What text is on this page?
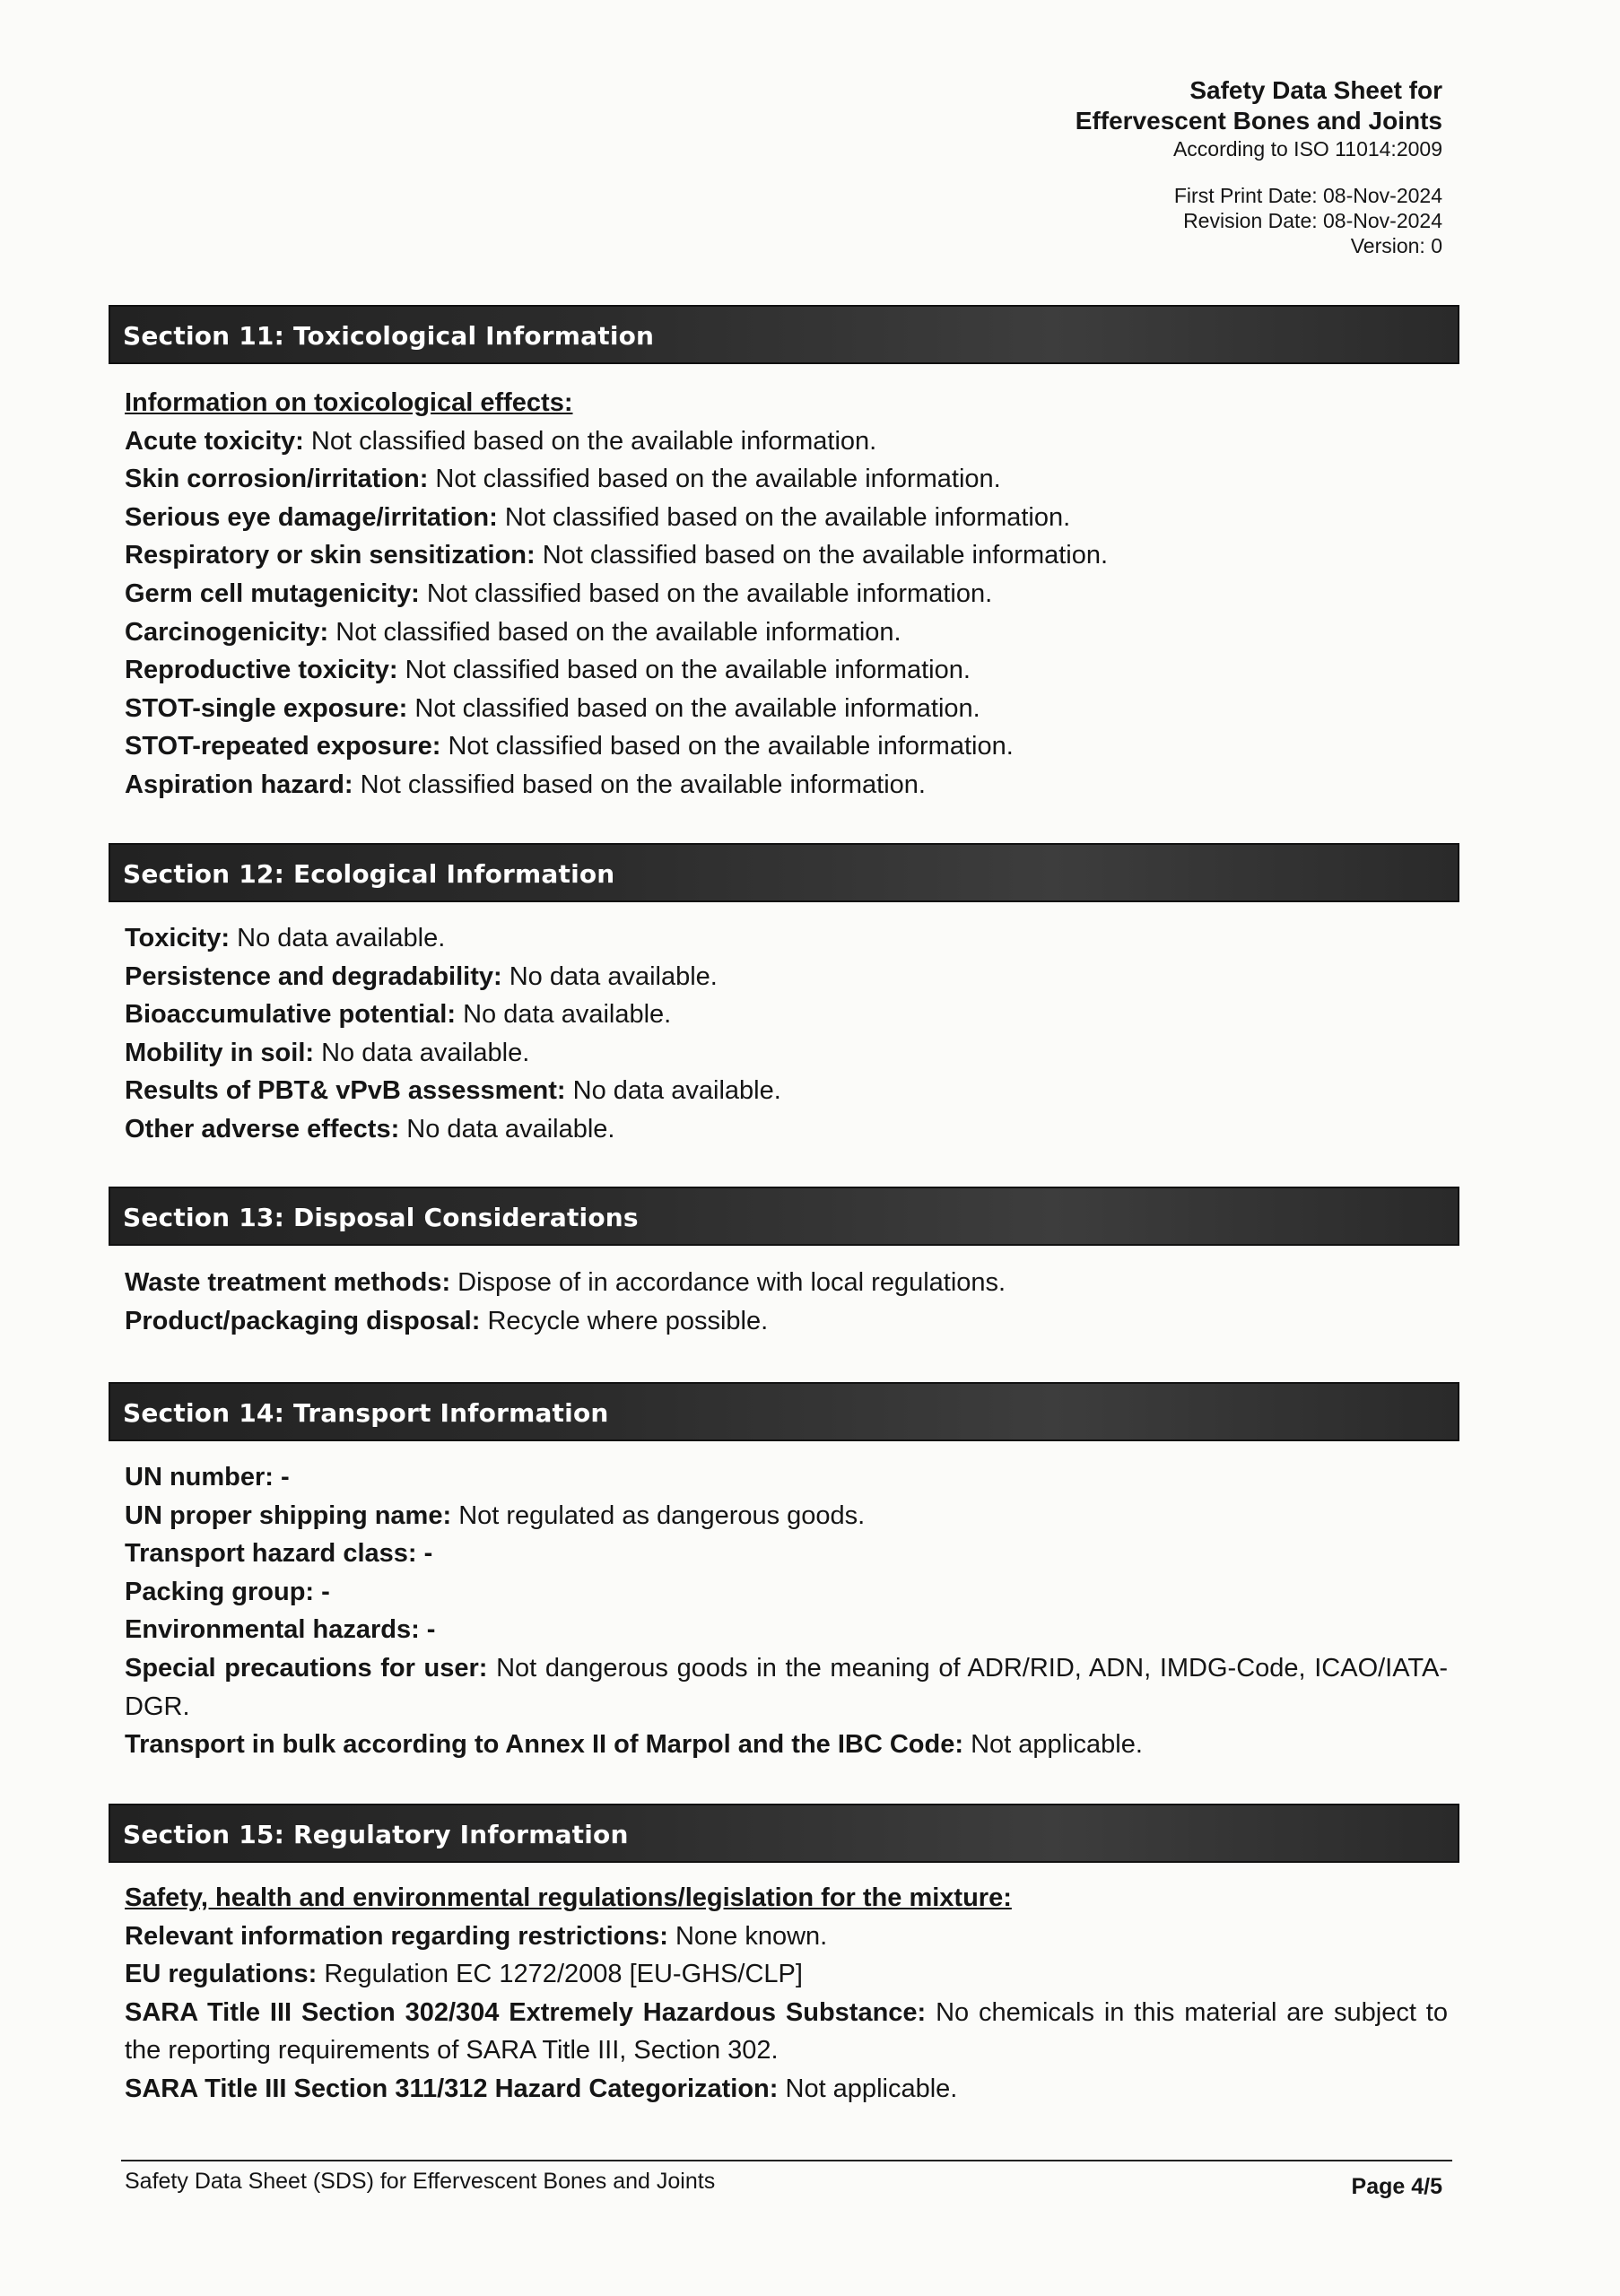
Safety Data Sheet for
Effervescent Bones and Joints
According to ISO 11014:2009
First Print Date: 08-Nov-2024
Revision Date: 08-Nov-2024
Version: 0
Section 11: Toxicological Information
Information on toxicological effects:
Acute toxicity: Not classified based on the available information.
Skin corrosion/irritation: Not classified based on the available information.
Serious eye damage/irritation: Not classified based on the available information.
Respiratory or skin sensitization: Not classified based on the available information.
Germ cell mutagenicity: Not classified based on the available information.
Carcinogenicity: Not classified based on the available information.
Reproductive toxicity: Not classified based on the available information.
STOT-single exposure: Not classified based on the available information.
STOT-repeated exposure: Not classified based on the available information.
Aspiration hazard: Not classified based on the available information.
Section 12: Ecological Information
Toxicity: No data available.
Persistence and degradability: No data available.
Bioaccumulative potential: No data available.
Mobility in soil: No data available.
Results of PBT& vPvB assessment: No data available.
Other adverse effects: No data available.
Section 13: Disposal Considerations
Waste treatment methods: Dispose of in accordance with local regulations.
Product/packaging disposal: Recycle where possible.
Section 14: Transport Information
UN number: -
UN proper shipping name: Not regulated as dangerous goods.
Transport hazard class: -
Packing group: -
Environmental hazards: -
Special precautions for user: Not dangerous goods in the meaning of ADR/RID, ADN, IMDG-Code, ICAO/IATA-DGR.
Transport in bulk according to Annex II of Marpol and the IBC Code: Not applicable.
Section 15: Regulatory Information
Safety, health and environmental regulations/legislation for the mixture:
Relevant information regarding restrictions: None known.
EU regulations: Regulation EC 1272/2008 [EU-GHS/CLP]
SARA Title III Section 302/304 Extremely Hazardous Substance: No chemicals in this material are subject to the reporting requirements of SARA Title III, Section 302.
SARA Title III Section 311/312 Hazard Categorization: Not applicable.
Safety Data Sheet (SDS) for Effervescent Bones and Joints	Page 4/5
